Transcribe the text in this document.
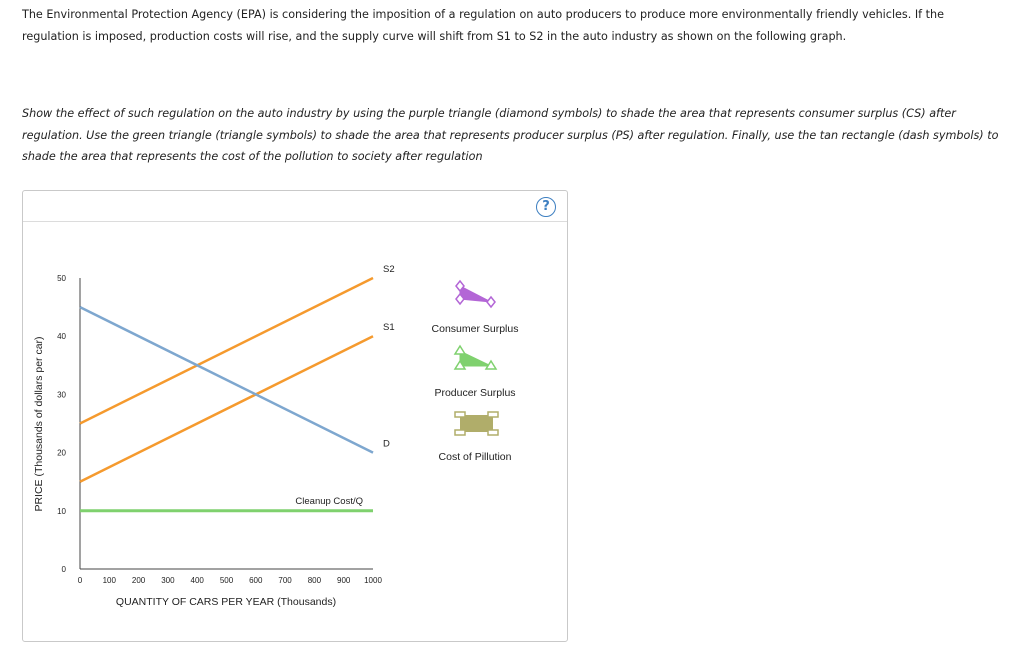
The Environmental Protection Agency (EPA) is considering the imposition of a regulation on auto producers to produce more environmentally friendly vehicles. If the regulation is imposed, production costs will rise, and the supply curve will shift from S1 to S2 in the auto industry as shown on the following graph.
Show the effect of such regulation on the auto industry by using the purple triangle (diamond symbols) to shade the area that represents consumer surplus (CS) after regulation. Use the green triangle (triangle symbols) to shade the area that represents producer surplus (PS) after regulation. Finally, use the tan rectangle (dash symbols) to shade the area that represents the cost of the pollution to society after regulation
?
0
10
20
30
40
50
0	100 200 300 400 500 600 700 800 900 1000
S2
S1
D
Cleanup Cost/Q
QUANTITY OF CARS PER YEAR (Thousands)
PRICE (Thousands of dollars per car)
Consumer Surplus
Producer Surplus
Cost of Pillution
